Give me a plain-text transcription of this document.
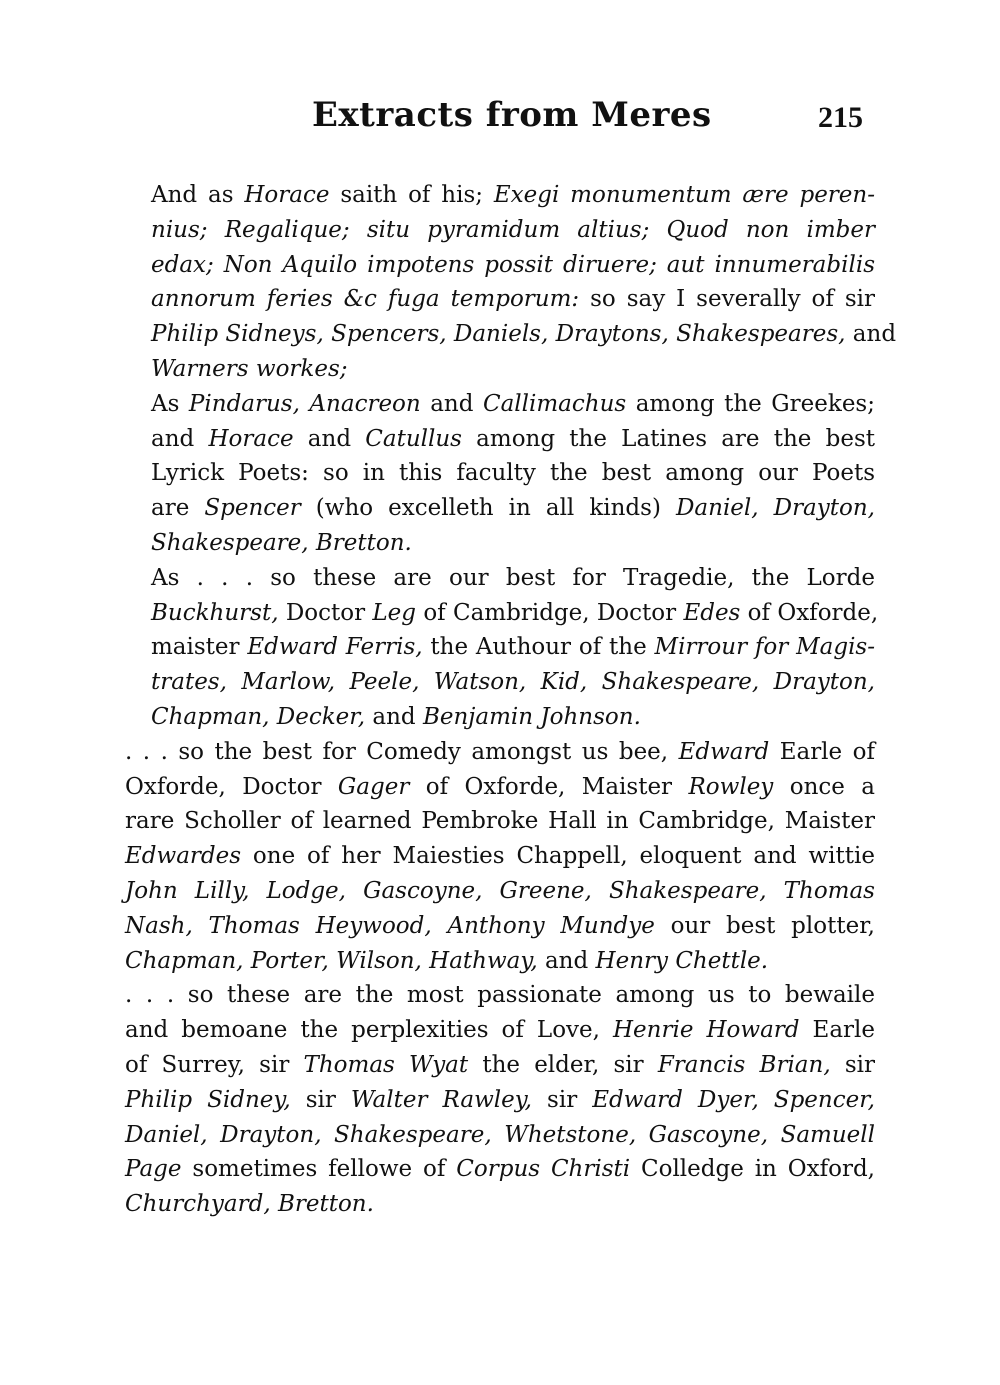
Extracts from Meres	215

And as Horace saith of his; Exegi monumentum ære peren-
nius; Regalique; situ pyramidum altius; Quod non imber
edax; Non Aquilo impotens possit diruere; aut innumerabilis
annorum feries &c fuga temporum: so say I severally of sir
Philip Sidneys, Spencers, Daniels, Draytons, Shakespeares, and
Warners workes;

As Pindarus, Anacreon and Callimachus among the Greekes;
and Horace and Catullus among the Latines are the best
Lyrick Poets: so in this faculty the best among our Poets
are Spencer (who excelleth in all kinds) Daniel, Drayton,
Shakespeare, Bretton.

As . . . so these are our best for Tragedie, the Lorde
Buckhurst, Doctor Leg of Cambridge, Doctor Edes of Oxforde,
maister Edward Ferris, the Authour of the Mirrour for Magis-
trates, Marlow, Peele, Watson, Kid, Shakespeare, Drayton,
Chapman, Decker, and Benjamin Johnson.

. . . so the best for Comedy amongst us bee, Edward Earle of
Oxforde, Doctor Gager of Oxforde, Maister Rowley once a
rare Scholler of learned Pembroke Hall in Cambridge, Maister
Edwardes one of her Maiesties Chappell, eloquent and wittie
John Lilly, Lodge, Gascoyne, Greene, Shakespeare, Thomas
Nash, Thomas Heywood, Anthony Mundye our best plotter,
Chapman, Porter, Wilson, Hathway, and Henry Chettle.

. . . so these are the most passionate among us to bewaile
and bemoane the perplexities of Love, Henrie Howard Earle
of Surrey, sir Thomas Wyat the elder, sir Francis Brian, sir
Philip Sidney, sir Walter Rawley, sir Edward Dyer, Spencer,
Daniel, Drayton, Shakespeare, Whetstone, Gascoyne, Samuell
Page sometimes fellowe of Corpus Christi Colledge in Oxford,
Churchyard, Bretton.
